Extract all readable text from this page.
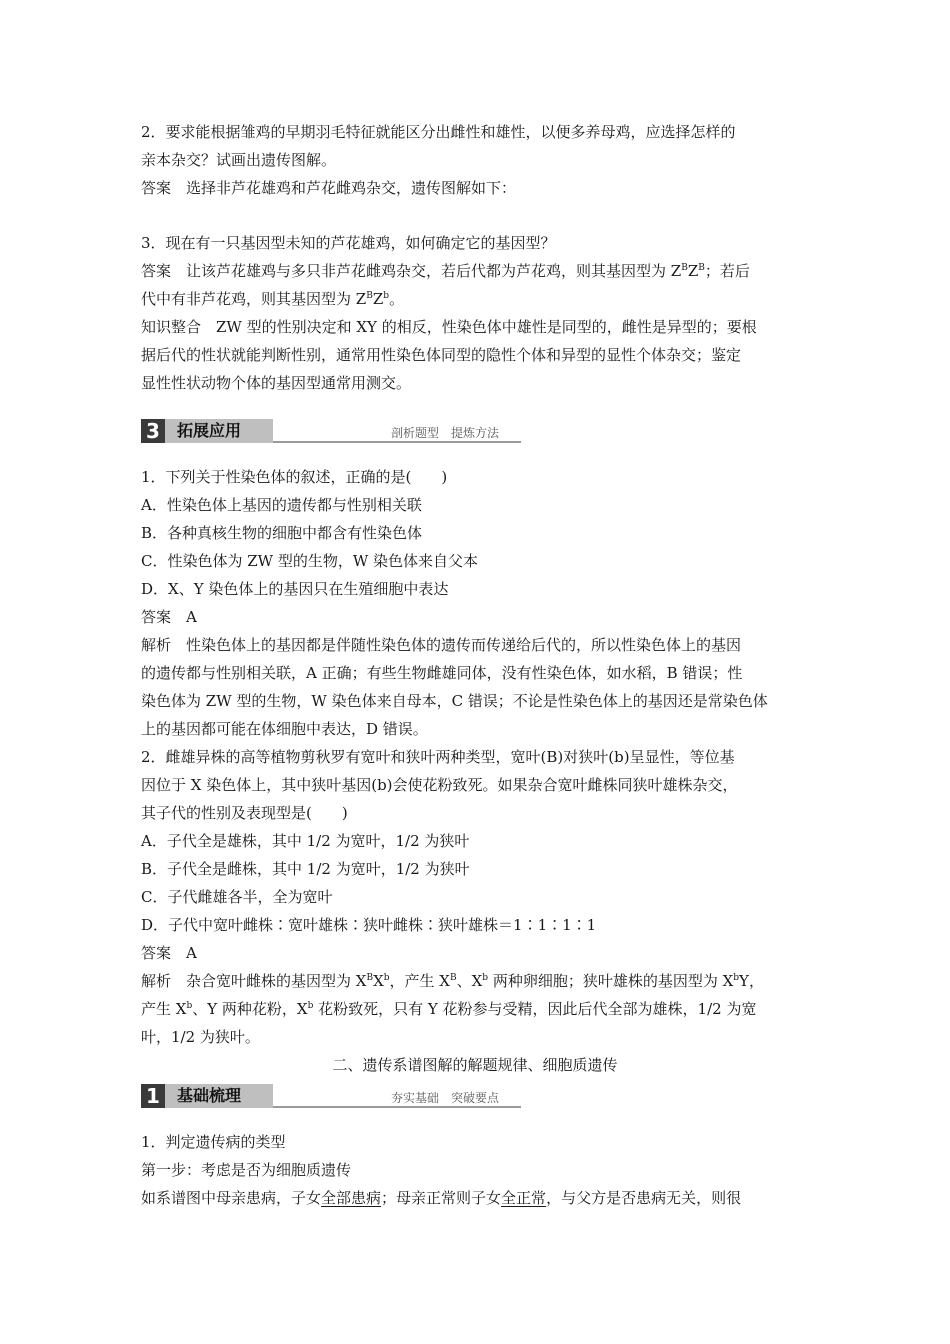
2．要求能根据雏鸡的早期羽毛特征就能区分出雌性和雄性，以便多养母鸡，应选择怎样的
亲本杂交？试画出遗传图解。
答案　选择非芦花雄鸡和芦花雌鸡杂交，遗传图解如下：
3．现在有一只基因型未知的芦花雄鸡，如何确定它的基因型？
答案　让该芦花雄鸡与多只非芦花雌鸡杂交，若后代都为芦花鸡，则其基因型为 $Z^BZ^B$；若后
代中有非芦花鸡，则其基因型为 $Z^BZ^b$。
知识整合　ZW 型的性别决定和 XY 的相反，性染色体中雄性是同型的，雌性是异型的；要根
据后代的性状就能判断性别，通常用性染色体同型的隐性个体和异型的显性个体杂交；鉴定
显性性状动物个体的基因型通常用测交。
3	拓展应用	剖析题型　提炼方法
1．下列关于性染色体的叙述，正确的是(　　)
A．性染色体上基因的遗传都与性别相关联
B．各种真核生物的细胞中都含有性染色体
C．性染色体为 ZW 型的生物，W 染色体来自父本
D．X、Y 染色体上的基因只在生殖细胞中表达
答案　A
解析　性染色体上的基因都是伴随性染色体的遗传而传递给后代的，所以性染色体上的基因
的遗传都与性别相关联，A 正确；有些生物雌雄同体，没有性染色体，如水稻，B 错误；性
染色体为 ZW 型的生物，W 染色体来自母本，C 错误；不论是性染色体上的基因还是常染色体
上的基因都可能在体细胞中表达，D 错误。
2．雌雄异株的高等植物剪秋罗有宽叶和狭叶两种类型，宽叶(B)对狭叶(b)呈显性，等位基
因位于 X 染色体上，其中狭叶基因(b)会使花粉致死。如果杂合宽叶雌株同狭叶雄株杂交，
其子代的性别及表现型是(　　)
A．子代全是雄株，其中 1/2 为宽叶，1/2 为狭叶
B．子代全是雌株，其中 1/2 为宽叶，1/2 为狭叶
C．子代雌雄各半，全为宽叶
D．子代中宽叶雌株∶宽叶雄株∶狭叶雌株∶狭叶雄株＝1∶1∶1∶1
答案　A
解析　杂合宽叶雌株的基因型为 $X^BX^b$，产生 $X^B$、$X^b$ 两种卵细胞；狭叶雄株的基因型为 $X^bY$，
产生 $X^b$、Y 两种花粉，$X^b$ 花粉致死，只有 Y 花粉参与受精，因此后代全部为雄株，1/2 为宽
叶，1/2 为狭叶。
二、遗传系谱图解的解题规律、细胞质遗传
1	基础梳理	夯实基础　突破要点
1．判定遗传病的类型
第一步：考虑是否为细胞质遗传
如系谱图中母亲患病，子女全部患病；母亲正常则子女全正常，与父方是否患病无关，则很
